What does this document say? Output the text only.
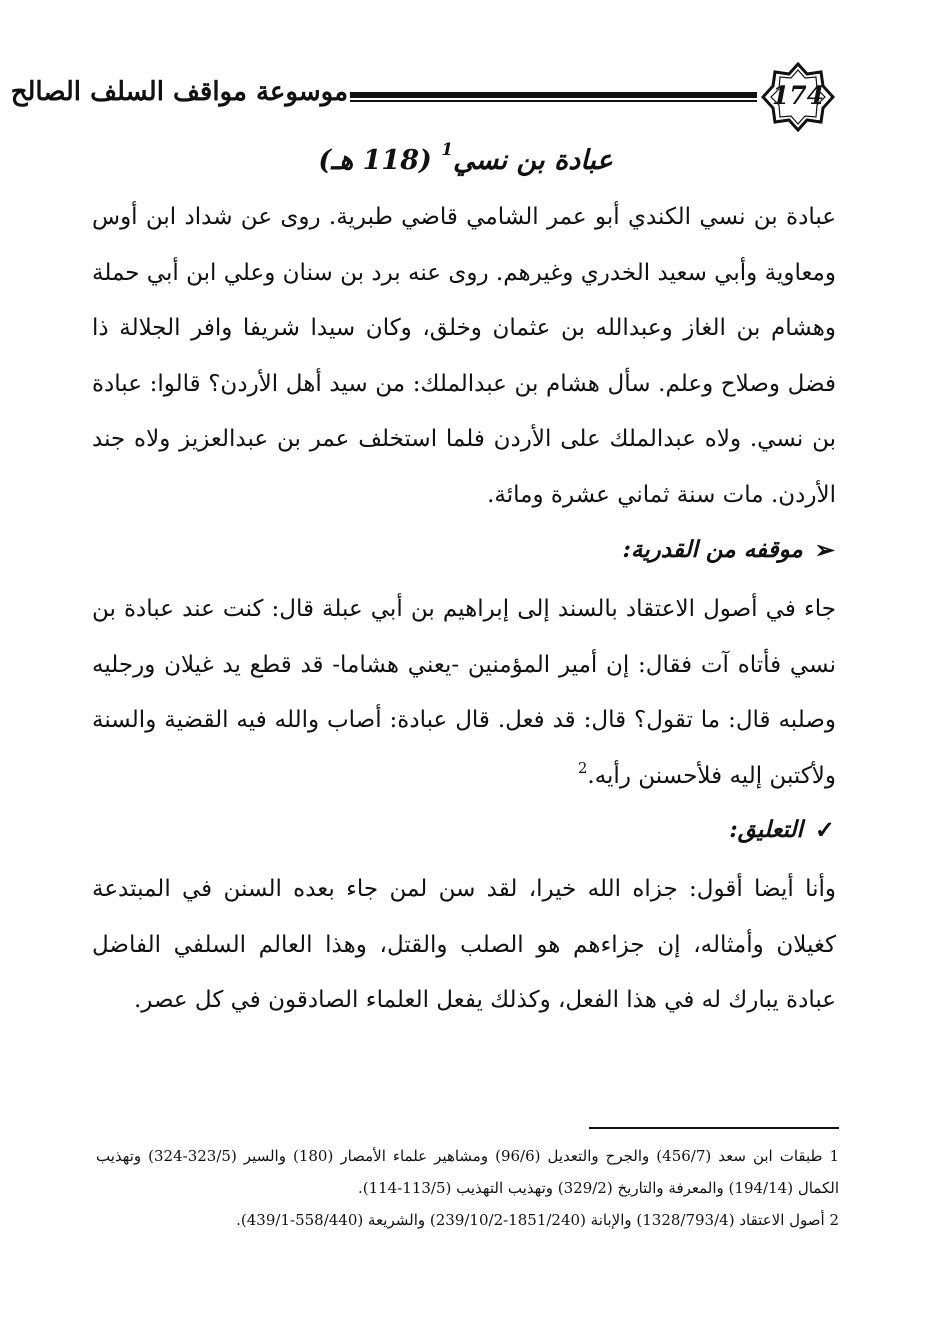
174
موسوعة مواقف السلف الصالح
عبادة بن نسي$^1$ (118 هـ)

عبادة بن نسي الكندي أبو عمر الشامي قاضي طبرية. روى عن شداد ابن أوس ومعاوية وأبي سعيد الخدري وغيرهم. روى عنه برد بن سنان وعلي ابن أبي حملة وهشام بن الغاز وعبدالله بن عثمان وخلق، وكان سيدا شريفا وافر الجلالة ذا فضل وصلاح وعلم. سأل هشام بن عبدالملك: من سيد أهل الأردن؟ قالوا: عبادة بن نسي. ولاه عبدالملك على الأردن فلما استخلف عمر بن عبدالعزيز ولاه جند الأردن. مات سنة ثماني عشرة ومائة.

➢
موقفه من القدرية:

جاء في أصول الاعتقاد بالسند إلى إبراهيم بن أبي عبلة قال: كنت عند عبادة بن نسي فأتاه آت فقال: إن أمير المؤمنين -يعني هشاما- قد قطع يد غيلان ورجليه وصلبه قال: ما تقول؟ قال: قد فعل. قال عبادة: أصاب والله فيه القضية والسنة ولأكتبن إليه فلأحسنن رأيه.$^2$

✓
التعليق:

وأنا أيضا أقول: جزاه الله خيرا، لقد سن لمن جاء بعده السنن في المبتدعة كغيلان وأمثاله، إن جزاءهم هو الصلب والقتل، وهذا العالم السلفي الفاضل عبادة يبارك له في هذا الفعل، وكذلك يفعل العلماء الصادقون في كل عصر.

1 طبقات ابن سعد (456/7) والجرح والتعديل (96/6) ومشاهير علماء الأمصار (180) والسير (323/5-324) وتهذيب الكمال (194/14) والمعرفة والتاريخ (329/2) وتهذيب التهذيب (113/5-114).

2 أصول الاعتقاد (1328/793/4) والإبانة (1851/240-239/10/2) والشريعة (558/440-439/1).
